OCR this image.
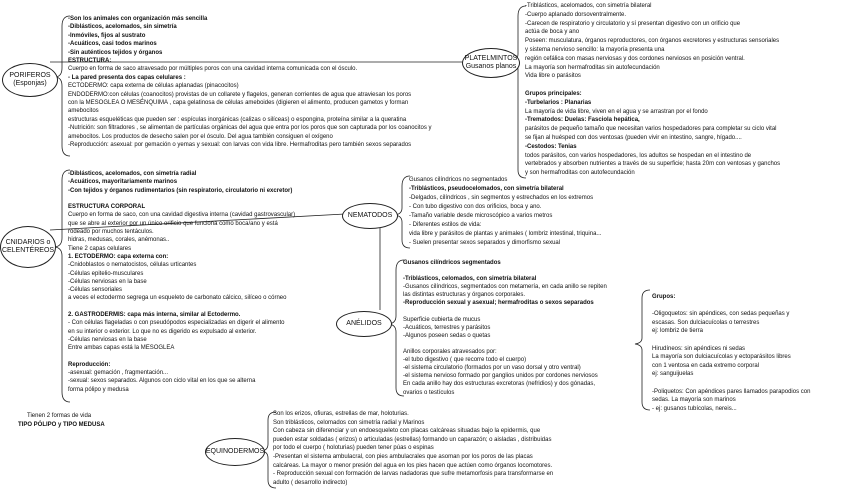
PORIFEROS
(Esponjas)
PLATELMINTOS
Gusanos planos
CNIDARIOS o
CELENTÉREOS
NEMATODOS
ANÉLIDOS
EQUINODERMOS
-Son los animales con organización más sencilla
-Diblásticos, acelomados, sin simetría
-Inmóviles, fijos al sustrato
-Acuáticos, casi todos marinos
-Sin auténticos tejidos y órganos
ESTRUCTURA:
Cuerpo en forma de saco atravesado por múltiples poros con una cavidad interna comunicada con el ósculo.
- La pared presenta dos capas celulares :
ECTODERMO: capa externa de células aplanadas (pinacocitos)
ENDODERMO:con células (coanocitos) provistas de un collarete y flagelos, generan corrientes de agua que atraviesan los poros
con la MESOGLEA O MESÉNQUIMA , capa gelatinosa de células ameboides (digieren el alimento, producen gametos y forman
amebocitos
estructuras esqueléticas que pueden ser : espículas inorgánicas (calizas o silíceas) o espongina, proteína similar a la queratina
-Nutrición: son filtradores , se alimentan de partículas orgánicas del agua que entra por los poros que son capturada por los coanocitos y
amebocitos. Los productos de desecho salen por el ósculo. Del agua también consiguen el oxígeno
-Reproducción: asexual: por gemación o yemas y sexual: con larvas con vida libre. Hermafroditas pero también sexos separados
-Triblásticos, acelomados, con simetría bilateral
-Cuerpo aplanado dorsoventralmente.
-Carecen de respiratorio y circulatorio y sí presentan digestivo con un orificio que
actúa de boca y ano
Poseen: musculatura, órganos reproductores, con órganos excretores y estructuras sensoriales
y sistema nervioso sencillo: la mayoría presenta una
región cefálica con masas nerviosas y dos cordones nerviosos en posición ventral.
La mayoría son hermafroditas sin autofecundación
Vida libre o parásitos

Grupos principales:
-Turbelarios : Planarias
La mayoría de vida libre, viven en el agua y se arrastran por el fondo
-Trematodos: Duelas: Fasciola hepática,
parásitos de pequeño tamaño que necesitan varios hospedadores para completar su ciclo vital
se fijan al huésped con dos ventosas (pueden vivir en intestino, sangre, hígado....
-Cestodos: Tenias
todos parásitos, con varios hospedadores, los adultos se hospedan en el intestino de
vertebrados y absorben nutrientes a través de su superficie; hasta 20m con ventosas y ganchos
y son hermafroditas con autofecundación
-Diblásticos, acelomados, con simetría radial
-Acuáticos, mayoritariamente marinos
-Con tejidos y órganos rudimentarios (sin respiratorio, circulatorio ni excretor)

ESTRUCTURA CORPORAL
Cuerpo en forma de saco, con una cavidad digestiva interna (cavidad gastrovascular)
que se abre al exterior por un único orificio que funciona como boca/ano y está
rodeado por muchos tentáculos.
hidras, medusas, corales, anémonas..
Tiene 2 capas celulares
1. ECTODERMO: capa externa con:
-Cnidoblastos o nematocistos, células urticantes
-Células epitelio-musculares
-Células nerviosas en la base
-Células sensoriales
a veces el ectodermo segrega un esqueleto de carbonato cálcico, silíceo o córneo

2. GASTRODERMIS: capa más interna, similar al Ectodermo.
- Con células flageladas o con pseudópodos especializadas en digerir el alimento
en su interior o exterior. Lo que no es digerido es expulsado al exterior.
-Células nerviosas en la base
Entre ambas capas está la MESOGLEA

Reproducción:
-asexual: gemación , fragmentación...
-sexual: sexos separados. Algunos con ciclo vital en los que se alterna
forma pólipo y medusa
Gusanos cilíndricos no segmentados
-Triblásticos, pseudocelomados, con simetría bilateral
-Delgados, cilíndricos , sin segmentos y estrechados en los extremos
- Con tubo digestivo con dos orificios, boca y ano.
-Tamaño variable desde microscópico a varios metros
- Diferentes estilos de vida:
vida libre y parásitos de plantas y animales ( lombriz intestinal, triquina...
- Suelen presentar sexos separados y dimorfismo sexual
Gusanos cilíndricos segmentados

-Triblásticos, celomados, con simetría bilateral
-Gusanos cilíndricos, segmentados con metamería, en cada anillo se repiten
las distintas estructuras y órganos corporales.
-Reproducción sexual y asexual; hermafroditas o sexos separados

Superficie cubierta de mucus
-Acuáticos, terrestres y parásitos
-Algunos poseen sedas o quetas

Anillos corporales atravesados por:
-el tubo digestivo ( que recorre todo el cuerpo)
-el sistema circulatorio (formados por un vaso dorsal y otro ventral)
-el sistema nervioso formado por ganglios unidos por cordones nerviosos
En cada anillo hay dos estructuras excretoras (nefridios) y dos gónadas,
ovarios o testículos
Grupos:

-Oligoquetos: sin apéndices, con sedas pequeñas y
escasas. Son dulciacuícolas o terrestres
ej: lombriz de tierra

Hirudíneos: sin apéndices ni sedas
La mayoría son dulciacuícolas y ectoparásitos libres
con 1 ventosa en cada extremo corporal
ej: sanguijuelas

-Poliquetos: Con apéndices pares llamados parapodios con
sedas. La mayoría son marinos
- ej: gusanos tubícolas, nereis...
Son los erizos, ofiuras, estrellas de mar, holoturias.
Son triblásticos, celomados con simetría radial y Marinos
Con cabeza sin diferenciar y un endoesqueleto con placas calcáreas situadas bajo la epidermis, que
pueden estar soldadas ( erizos) o articuladas (estrellas) formando un caparazón; o aisladas , distribuidas
por todo el cuerpo ( holoturias) pueden tener púas o espinas
-Presentan el sistema ambulacral, con pies ambulacrales que asoman por los poros de las placas
calcáreas. La mayor o menor presión del agua en los pies hacen que actúen como órganos locomotores.
- Reproducción sexual con formación de larvas nadadoras que sufre metamorfosis para transformarse en
adulto ( desarrollo indirecto)
Tienen 2 formas de vida
TIPO PÓLIPO y TIPO MEDUSA
